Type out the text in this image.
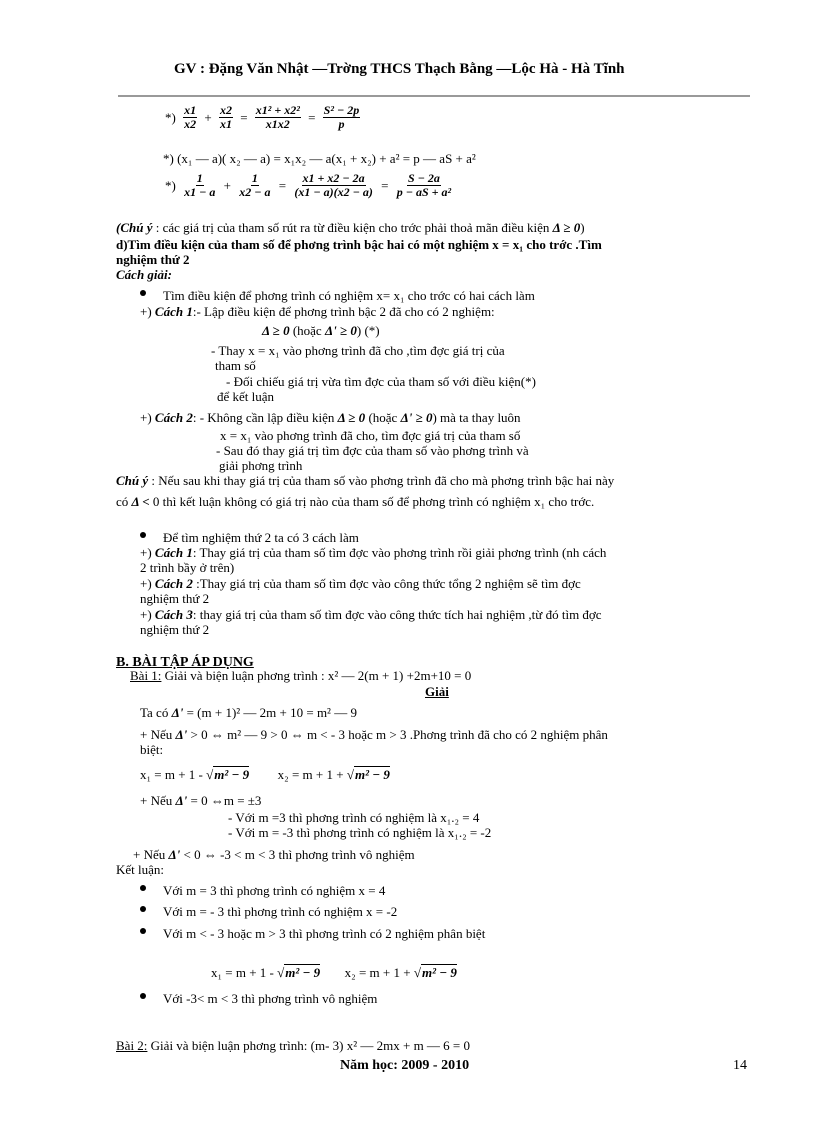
GV : Đặng Văn Nhật —Trờng THCS Thạch Bằng —Lộc Hà - Hà Tĩnh
*) $\frac{x1}{x2} + \frac{x2}{x1} = \frac{\text{x1² + x2²}}{x1x2} = \frac{\text{S² − 2p}}{p}$
*) (x₁ — a)( x₂ — a) = x₁x₂ — a(x₁ + x₂) + a² = p — aS + a²
*) $\frac{1}{x1 - a} + \frac{1}{x2 - a} = \frac{x1 + x2 - 2a}{(x1 - a)(x2 - a)} = \frac{S - 2a}{\text{p − aS + a²}}$
(Chú ý : các giá trị của tham số rút ra từ điều kiện cho trớc phải thoả mãn điều kiện Δ ≥ 0)
d)Tìm điều kiện của tham số để phơng trình bậc hai có một nghiệm x = x₁ cho trớc .Tìm
nghiệm thứ 2
Cách giải:
Tìm điều kiện để phơng trình có nghiệm x= x₁ cho trớc có hai cách làm
+) Cách 1:- Lập điều kiện để phơng trình bậc 2 đã cho có 2 nghiệm:
Δ ≥ 0 (hoặc Δ' ≥ 0) (*)
- Thay x = x₁ vào phơng trình đã cho ,tìm đợc giá trị của
tham số
- Đối chiếu giá trị vừa tìm đợc của tham số với điều kiện(*)
để kết luận
+) Cách 2: - Không cần lập điều kiện Δ ≥ 0 (hoặc Δ' ≥ 0) mà ta thay luôn
x = x₁ vào phơng trình đã cho, tìm đợc giá trị của tham số
- Sau đó thay giá trị tìm đợc của tham số vào phơng trình và
giải phơng trình
Chú ý : Nếu sau khi thay giá trị của tham số vào phơng trình đã cho mà phơng trình bậc hai này
có Δ < 0 thì kết luận không có giá trị nào của tham số để phơng trình có nghiệm x₁ cho trớc.
Để tìm nghiệm thứ 2 ta có 3 cách làm
+) Cách 1: Thay giá trị của tham số tìm đợc vào phơng trình rồi giải phơng trình (nh cách
2 trình bầy ở trên)
+) Cách 2 :Thay giá trị của tham số tìm đợc vào công thức tổng 2 nghiệm sẽ tìm đợc
nghiệm thứ 2
+) Cách 3: thay giá trị của tham số tìm đợc vào công thức tích hai nghiệm ,từ đó tìm đợc
nghiệm thứ 2
B. BÀI TẬP ÁP DỤNG
Bài 1: Giải và biện luận phơng trình : x² — 2(m + 1) +2m+10 = 0
Giải
Ta có Δ' = (m + 1)² — 2m + 10 = m² — 9
+ Nếu Δ' > 0 ⇔ m² — 9 > 0 ⇔ m < - 3 hoặc m > 3 .Phơng trình đã cho có 2 nghiệm phân
biệt:
x₁ = m + 1 - √m² − 9 x₂ = m + 1 + √m² − 9
+ Nếu Δ' = 0 ⇔m = ±3
- Với m =3 thì phơng trình có nghiệm là x₁.₂ = 4
- Với m = -3 thì phơng trình có nghiệm là x₁.₂ = -2
+ Nếu Δ' < 0 ⇔ -3 < m < 3 thì phơng trình vô nghiệm
Kết luận:
Với m = 3 thì phơng trình có nghiệm x = 4
Với m = - 3 thì phơng trình có nghiệm x = -2
Với m < - 3 hoặc m > 3 thì phơng trình có 2 nghiệm phân biệt
x₁ = m + 1 - √m² − 9 x₂ = m + 1 + √m² − 9
Với -3< m < 3 thì phơng trình vô nghiệm
Bài 2: Giải và biện luận phơng trình: (m- 3) x² — 2mx + m — 6 = 0
Năm học: 2009 - 2010	14
